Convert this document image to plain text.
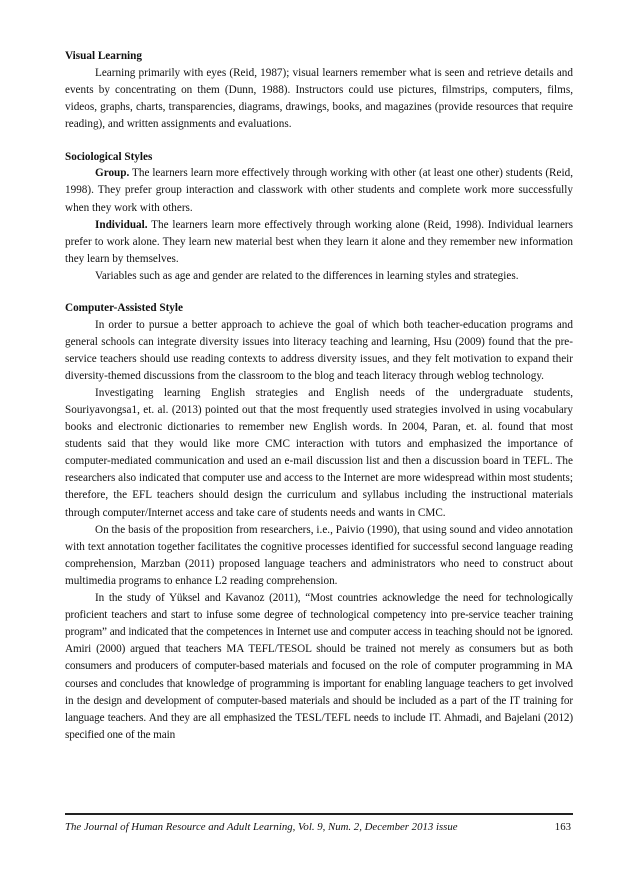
Visual Learning

Learning primarily with eyes (Reid, 1987); visual learners remember what is seen and retrieve details and events by concentrating on them (Dunn, 1988). Instructors could use pictures, filmstrips, computers, films, videos, graphs, charts, transparencies, diagrams, drawings, books, and magazines (provide resources that require reading), and written assignments and evaluations.

Sociological Styles

Group. The learners learn more effectively through working with other (at least one other) students (Reid, 1998). They prefer group interaction and classwork with other students and complete work more successfully when they work with others.

Individual. The learners learn more effectively through working alone (Reid, 1998). Individual learners prefer to work alone. They learn new material best when they learn it alone and they remember new information they learn by themselves.

Variables such as age and gender are related to the differences in learning styles and strategies.

Computer-Assisted Style

In order to pursue a better approach to achieve the goal of which both teacher-education programs and general schools can integrate diversity issues into literacy teaching and learning, Hsu (2009) found that the pre-service teachers should use reading contexts to address diversity issues, and they felt motivation to expand their diversity-themed discussions from the classroom to the blog and teach literacy through weblog technology.

Investigating learning English strategies and English needs of the undergraduate students, Souriyavongsa1, et. al. (2013) pointed out that the most frequently used strategies involved in using vocabulary books and electronic dictionaries to remember new English words. In 2004, Paran, et. al. found that most students said that they would like more CMC interaction with tutors and emphasized the importance of computer-mediated communication and used an e-mail discussion list and then a discussion board in TEFL. The researchers also indicated that computer use and access to the Internet are more widespread within most students; therefore, the EFL teachers should design the curriculum and syllabus including the instructional materials through computer/Internet access and take care of students needs and wants in CMC.

On the basis of the proposition from researchers, i.e., Paivio (1990), that using sound and video annotation with text annotation together facilitates the cognitive processes identified for successful second language reading comprehension, Marzban (2011) proposed language teachers and administrators who need to construct about multimedia programs to enhance L2 reading comprehension.

In the study of Yüksel and Kavanoz (2011), “Most countries acknowledge the need for technologically proficient teachers and start to infuse some degree of technological competency into pre-service teacher training program” and indicated that the competences in Internet use and computer access in teaching should not be ignored. Amiri (2000) argued that teachers MA TEFL/TESOL should be trained not merely as consumers but as both consumers and producers of computer-based materials and focused on the role of computer programming in MA courses and concludes that knowledge of programming is important for enabling language teachers to get involved in the design and development of computer-based materials and should be included as a part of the IT training for language teachers. And they are all emphasized the TESL/TEFL needs to include IT. Ahmadi, and Bajelani (2012) specified one of the main

The Journal of Human Resource and Adult Learning, Vol. 9, Num. 2, December 2013 issue	163
